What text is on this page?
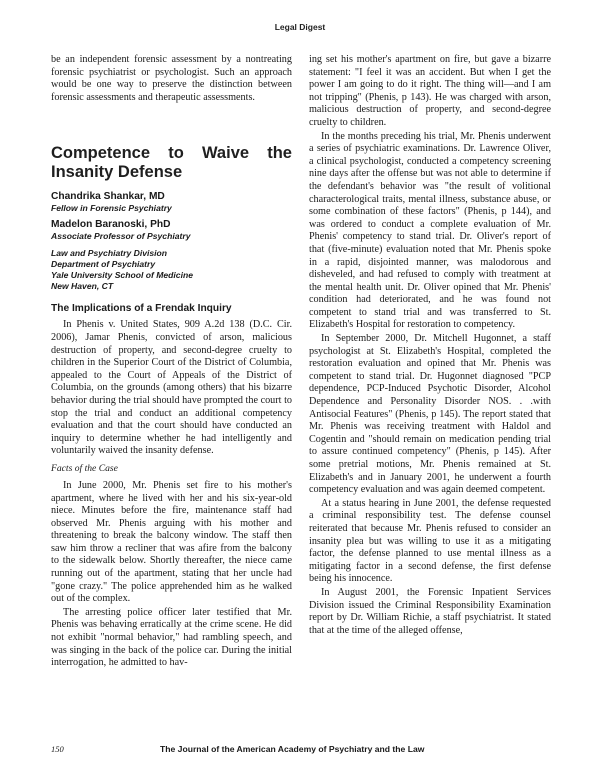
Legal Digest

be an independent forensic assessment by a nontreating forensic psychiatrist or psychologist. Such an approach would be one way to preserve the distinction between forensic assessments and therapeutic assessments.

Competence to Waive the Insanity Defense
Chandrika Shankar, MD
Fellow in Forensic Psychiatry
Madelon Baranoski, PhD
Associate Professor of Psychiatry
Law and Psychiatry Division
Department of Psychiatry
Yale University School of Medicine
New Haven, CT
The Implications of a Frendak Inquiry

In Phenis v. United States, 909 A.2d 138 (D.C. Cir. 2006), Jamar Phenis, convicted of arson, malicious destruction of property, and second-degree cruelty to children in the Superior Court of the District of Columbia, appealed to the Court of Appeals of the District of Columbia, on the grounds (among others) that his bizarre behavior during the trial should have prompted the court to stop the trial and conduct an additional competency evaluation and that the court should have conducted an inquiry to determine whether he had intelligently and voluntarily waived the insanity defense.

Facts of the Case

In June 2000, Mr. Phenis set fire to his mother's apartment, where he lived with her and his six-year-old niece. Minutes before the fire, maintenance staff had observed Mr. Phenis arguing with his mother and threatening to break the balcony window. The staff then saw him throw a recliner that was afire from the balcony to the sidewalk below. Shortly thereafter, the niece came running out of the apartment, stating that her uncle had "gone crazy." The police apprehended him as he walked out of the complex.

The arresting police officer later testified that Mr. Phenis was behaving erratically at the crime scene. He did not exhibit "normal behavior," had rambling speech, and was singing in the back of the police car. During the initial interrogation, he admitted to hav-

ing set his mother's apartment on fire, but gave a bizarre statement: "I feel it was an accident. But when I get the power I am going to do it right. The thing will—and I am not tripping" (Phenis, p 143). He was charged with arson, malicious destruction of property, and second-degree cruelty to children.

In the months preceding his trial, Mr. Phenis underwent a series of psychiatric examinations. Dr. Lawrence Oliver, a clinical psychologist, conducted a competency screening nine days after the offense but was not able to determine if the defendant's behavior was "the result of volitional characterological traits, mental illness, substance abuse, or some combination of these factors" (Phenis, p 144), and was ordered to conduct a complete evaluation of Mr. Phenis' competency to stand trial. Dr. Oliver's report of that (five-minute) evaluation noted that Mr. Phenis spoke in a rapid, disjointed manner, was malodorous and disheveled, and had refused to comply with treatment at the mental health unit. Dr. Oliver opined that Mr. Phenis' condition had deteriorated, and he was found not competent to stand trial and was transferred to St. Elizabeth's Hospital for restoration to competency.

In September 2000, Dr. Mitchell Hugonnet, a staff psychologist at St. Elizabeth's Hospital, completed the restoration evaluation and opined that Mr. Phenis was competent to stand trial. Dr. Hugonnet diagnosed "PCP dependence, PCP-Induced Psychotic Disorder, Alcohol Dependence and Personality Disorder NOS. . .with Antisocial Features" (Phenis, p 145). The report stated that Mr. Phenis was receiving treatment with Haldol and Cogentin and "should remain on medication pending trial to assure continued competency" (Phenis, p 145). After some pretrial motions, Mr. Phenis remained at St. Elizabeth's and in January 2001, he underwent a fourth competency evaluation and was again deemed competent.

At a status hearing in June 2001, the defense requested a criminal responsibility test. The defense counsel reiterated that because Mr. Phenis refused to consider an insanity plea but was willing to use it as a mitigating factor, the defense planned to use mental illness as a mitigating factor in a second defense, the first defense being his innocence.

In August 2001, the Forensic Inpatient Services Division issued the Criminal Responsibility Examination report by Dr. William Richie, a staff psychiatrist. It stated that at the time of the alleged offense,

150	The Journal of the American Academy of Psychiatry and the Law
